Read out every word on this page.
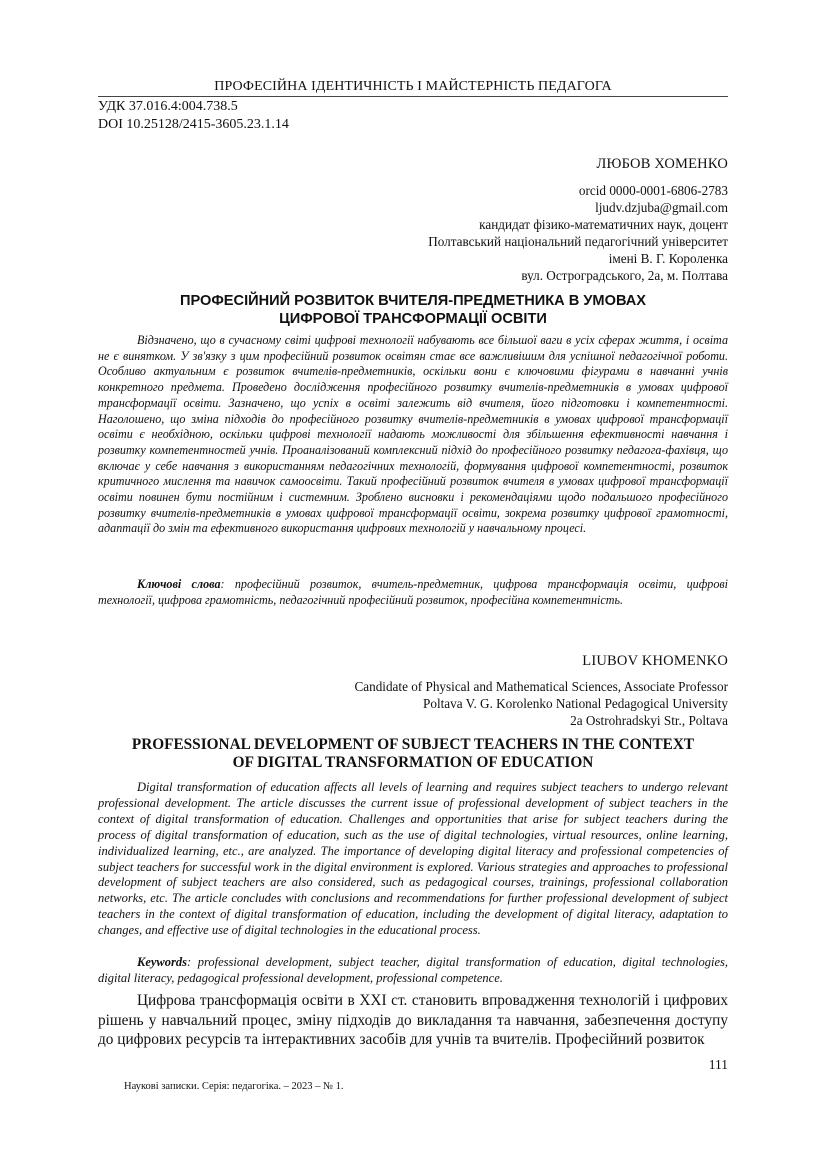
ПРОФЕСІЙНА ІДЕНТИЧНІСТЬ І МАЙСТЕРНІСТЬ ПЕДАГОГА
УДК 37.016.4:004.738.5
DOI 10.25128/2415-3605.23.1.14
ЛЮБОВ ХОМЕНКО
orcid 0000-0001-6806-2783
ljudv.dzjuba@gmail.com
кандидат фізико-математичних наук, доцент
Полтавський національний педагогічний університет
імені В. Г. Короленка
вул. Остроградського, 2а, м. Полтава
ПРОФЕСІЙНИЙ РОЗВИТОК ВЧИТЕЛЯ-ПРЕДМЕТНИКА В УМОВАХ
ЦИФРОВОЇ ТРАНСФОРМАЦІЇ ОСВІТИ

Відзначено, що в сучасному світі цифрові технології набувають все більшої ваги в усіх сферах життя, і освіта не є винятком. У зв'язку з цим професійний розвиток освітян стає все важливішим для успішної педагогічної роботи. Особливо актуальним є розвиток вчителів-предметників, оскільки вони є ключовими фігурами в навчанні учнів конкретного предмета. Проведено дослідження професійного розвитку вчителів-предметників в умовах цифрової трансформації освіти. Зазначено, що успіх в освіті залежить від вчителя, його підготовки і компетентності. Наголошено, що зміна підходів до професійного розвитку вчителів-предметників в умовах цифрової трансформації освіти є необхідною, оскільки цифрові технології надають можливості для збільшення ефективності навчання і розвитку компетентностей учнів. Проаналізований комплексний підхід до професійного розвитку педагога-фахівця, що включає у себе навчання з використанням педагогічних технологій, формування цифрової компетентності, розвиток критичного мислення та навичок самоосвіти. Такий професійний розвиток вчителя в умовах цифрової трансформації освіти повинен бути постійним і системним. Зроблено висновки і рекомендаціями щодо подальшого професійного розвитку вчителів-предметників в умовах цифрової трансформації освіти, зокрема розвитку цифрової грамотності, адаптації до змін та ефективного використання цифрових технологій у навчальному процесі.

Ключові слова: професійний розвиток, вчитель-предметник, цифрова трансформація освіти, цифрові технології, цифрова грамотність, педагогічний професійний розвиток, професійна компетентність.

LIUBOV KHOMENKO
Candidate of Physical and Mathematical Sciences, Associate Professor
Poltava V. G. Korolenko National Pedagogical University
2a Ostrohradskyi Str., Poltava
PROFESSIONAL DEVELOPMENT OF SUBJECT TEACHERS IN THE CONTEXT
OF DIGITAL TRANSFORMATION OF EDUCATION

Digital transformation of education affects all levels of learning and requires subject teachers to undergo relevant professional development. The article discusses the current issue of professional development of subject teachers in the context of digital transformation of education. Challenges and opportunities that arise for subject teachers during the process of digital transformation of education, such as the use of digital technologies, virtual resources, online learning, individualized learning, etc., are analyzed. The importance of developing digital literacy and professional competencies of subject teachers for successful work in the digital environment is explored. Various strategies and approaches to professional development of subject teachers are also considered, such as pedagogical courses, trainings, professional collaboration networks, etc. The article concludes with conclusions and recommendations for further professional development of subject teachers in the context of digital transformation of education, including the development of digital literacy, adaptation to changes, and effective use of digital technologies in the educational process.

Keywords: professional development, subject teacher, digital transformation of education, digital technologies, digital literacy, pedagogical professional development, professional competence.

Цифрова трансформація освіти в XXI ст. становить впровадження технологій і цифрових рішень у навчальний процес, зміну підходів до викладання та навчання, забезпечення доступу до цифрових ресурсів та інтерактивних засобів для учнів та вчителів. Професійний розвиток

111
Наукові записки. Серія: педагогіка. – 2023 – № 1.
